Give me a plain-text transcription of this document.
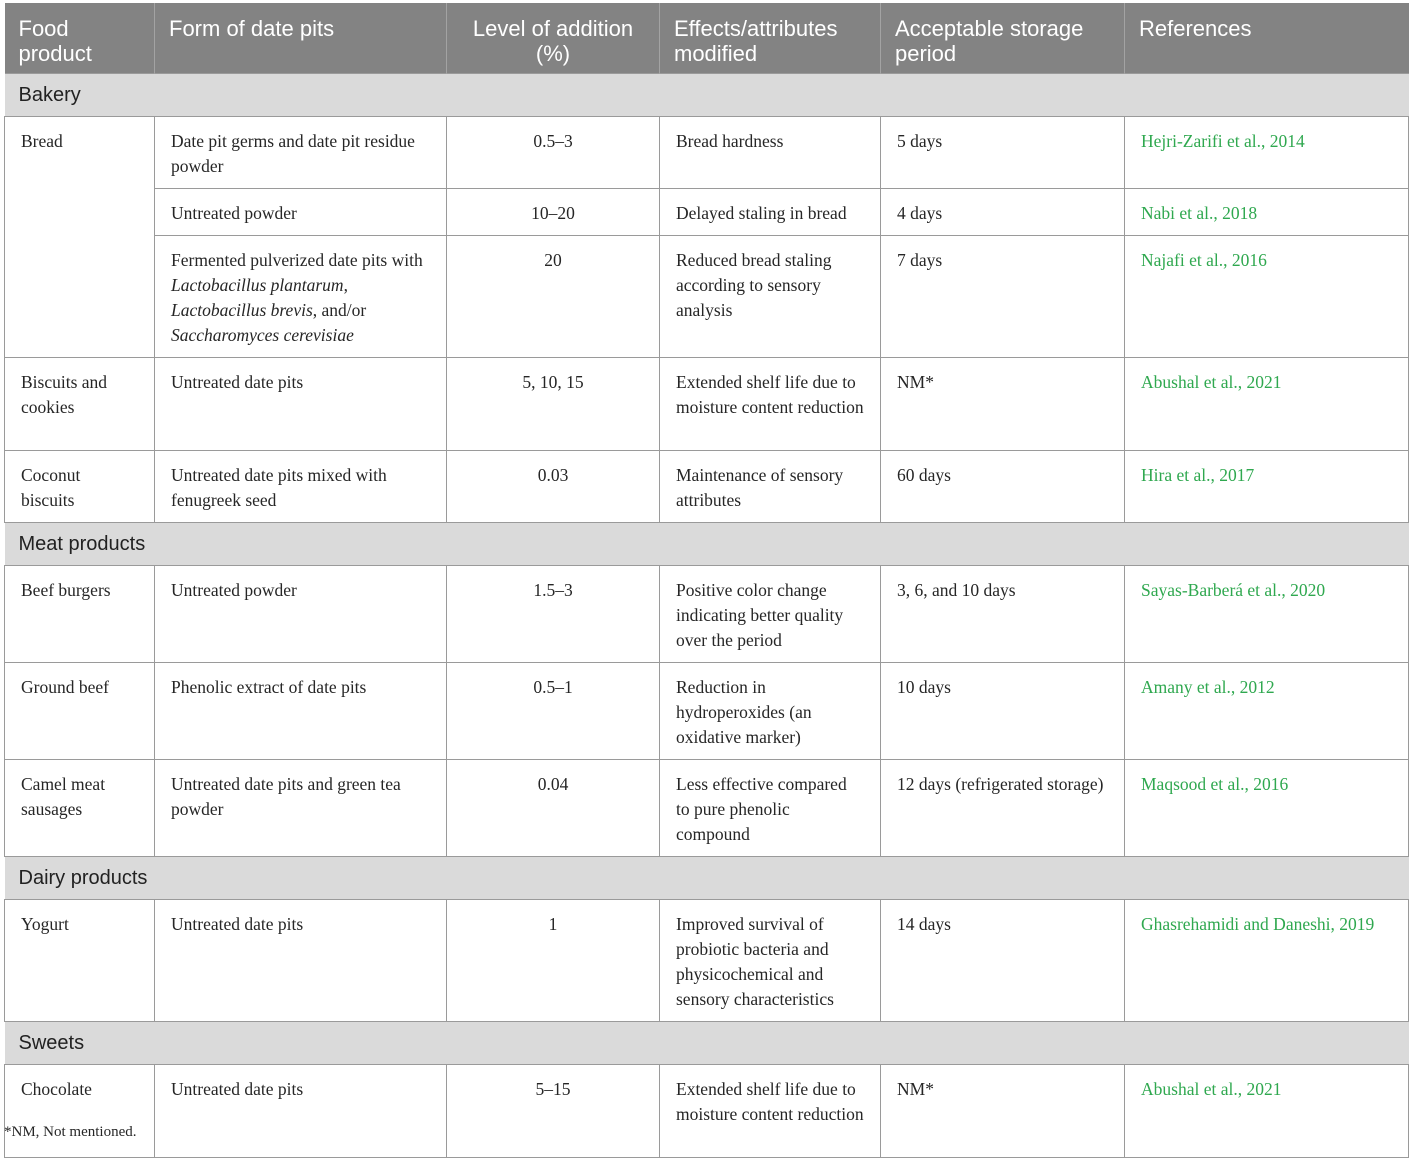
Food product	Form of date pits	Level of addition (%)	Effects/attributes modified	Acceptable storage period	References
Bakery					
Bread	Date pit germs and date pit residue powder	0.5–3	Bread hardness	5 days	Hejri-Zarifi et al., 2014
	Untreated powder	10–20	Delayed staling in bread	4 days	Nabi et al., 2018
	Fermented pulverized date pits with Lactobacillus plantarum, Lactobacillus brevis, and/or Saccharomyces cerevisiae	20	Reduced bread staling according to sensory analysis	7 days	Najafi et al., 2016
Biscuits and cookies	Untreated date pits	5, 10, 15	Extended shelf life due to moisture content reduction	NM*	Abushal et al., 2021
Coconut biscuits	Untreated date pits mixed with fenugreek seed	0.03	Maintenance of sensory attributes	60 days	Hira et al., 2017
Meat products					
Beef burgers	Untreated powder	1.5–3	Positive color change indicating better quality over the period	3, 6, and 10 days	Sayas-Barberá et al., 2020
Ground beef	Phenolic extract of date pits	0.5–1	Reduction in hydroperoxides (an oxidative marker)	10 days	Amany et al., 2012
Camel meat sausages	Untreated date pits and green tea powder	0.04	Less effective compared to pure phenolic compound	12 days (refrigerated storage)	Maqsood et al., 2016
Dairy products					
Yogurt	Untreated date pits	1	Improved survival of probiotic bacteria and physicochemical and sensory characteristics	14 days	Ghasrehamidi and Daneshi, 2019
Sweets					
Chocolate	Untreated date pits	5–15	Extended shelf life due to moisture content reduction	NM*	Abushal et al., 2021
*NM, Not mentioned.
